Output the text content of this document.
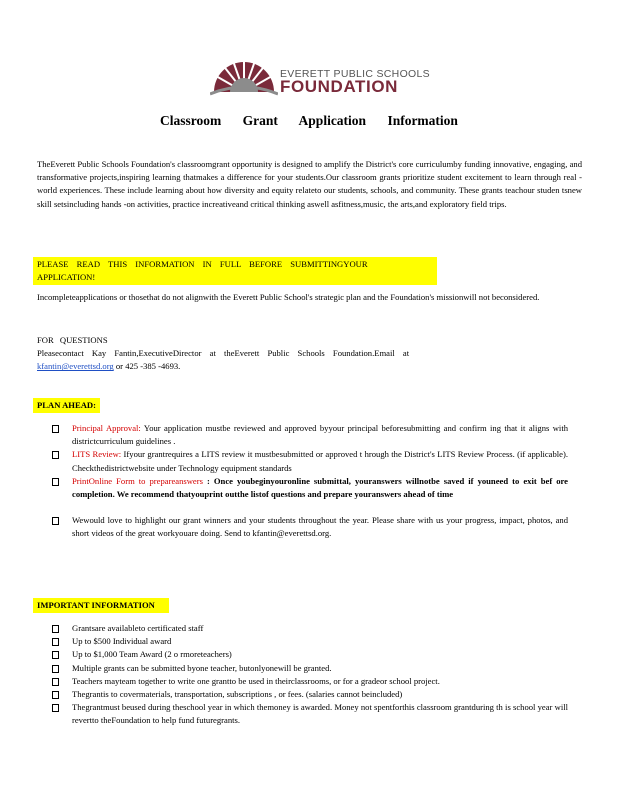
EVERETT PUBLIC SCHOOLS
FOUNDATION
Classroom Grant Application Information

TheEverett Public Schools Foundation's classroomgrant opportunity is designed to amplify the District's core curriculumby funding innovative, engaging, and transformative projects,inspiring learning thatmakes a difference for your students.Our classroom grants prioritize student excitement to learn through real -world experiences. These include learning about how diversity and equity relateto our students, schools, and community. These grants teachour studen tsnew skill setsincluding hands -on activities, practice increativeand critical thinking aswell asfitness,music, the arts,and exploratory field trips.

PLEASE READ THIS INFORMATION IN FULL BEFORE SUBMITTINGYOUR APPLICATION!

Incompleteapplications or thosethat do not alignwith the Everett Public School's strategic plan and the Foundation's missionwill not beconsidered.

FOR QUESTIONS
Pleasecontact Kay Fantin,ExecutiveDirector at theEverett Public Schools Foundation.Email at
kfantin@everettsd.org or 425 -385 -4693.
PLAN AHEAD:
Principal Approval: Your application mustbe reviewed and approved byyour principal beforesubmitting and confirm ing that it aligns with districtcurriculum guidelines .
LITS Review: Ifyour grantrequires a LITS review it mustbesubmitted or approved t hrough the District's LITS Review Process. (if applicable). Checkthedistrictwebsite under Technology equipment standards
PrintOnline Form to prepareanswers : Once youbeginyouronline submittal, youranswers willnotbe saved if youneed to exit bef ore completion. We recommend thatyouprint outthe listof questions and prepare youranswers ahead of time
Wewould love to highlight our grant winners and your students throughout the year. Please share with us your progress, impact, photos, and short videos of the great workyouare doing. Send to kfantin@everettsd.org.
IMPORTANT INFORMATION
Grantsare availableto certificated staff
Up to $500 Individual award
Up to $1,000 Team Award (2 o rmoreteachers)
Multiple grants can be submitted byone teacher, butonlyonewill be granted.
Teachers mayteam together to write one grantto be used in theirclassrooms, or for a gradeor school project.
Thegrantis to covermaterials, transportation, subscriptions , or fees. (salaries cannot beincluded)
Thegrantmust beused during theschool year in which themoney is awarded. Money not spentforthis classroom grantduring th is school year will revertto theFoundation to help fund futuregrants.
